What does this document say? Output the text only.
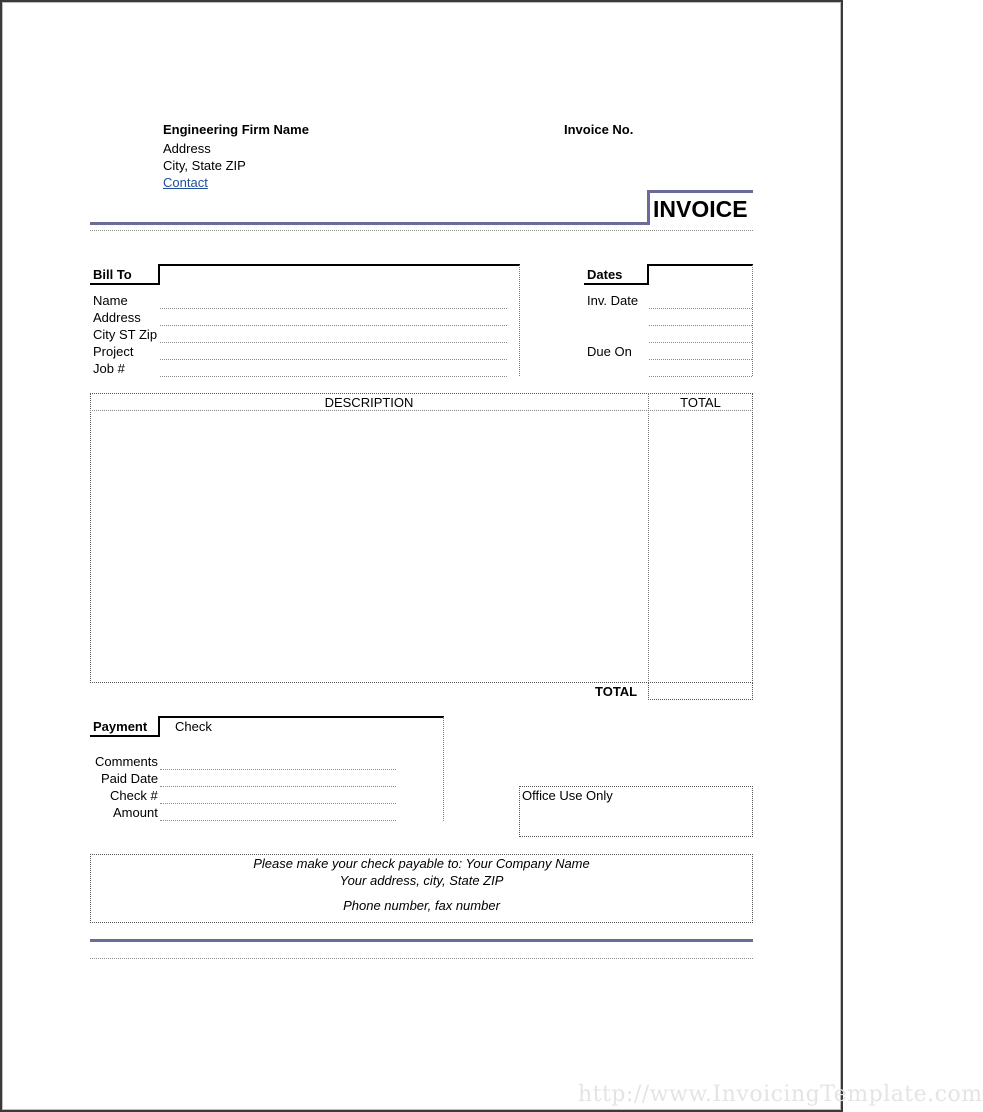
Engineering Firm Name
Address
City, State ZIP
Contact
Invoice No.
INVOICE
Bill To
Name
Address
City ST Zip
Project
Job #
Dates
Inv. Date
Due On
DESCRIPTION	TOTAL
TOTAL
Payment Check
Comments
Paid Date
Check #
Amount
Office Use Only
Please make your check payable to: Your Company Name
Your address, city, State ZIP
Phone number, fax number
http://www.InvoicingTemplate.com
